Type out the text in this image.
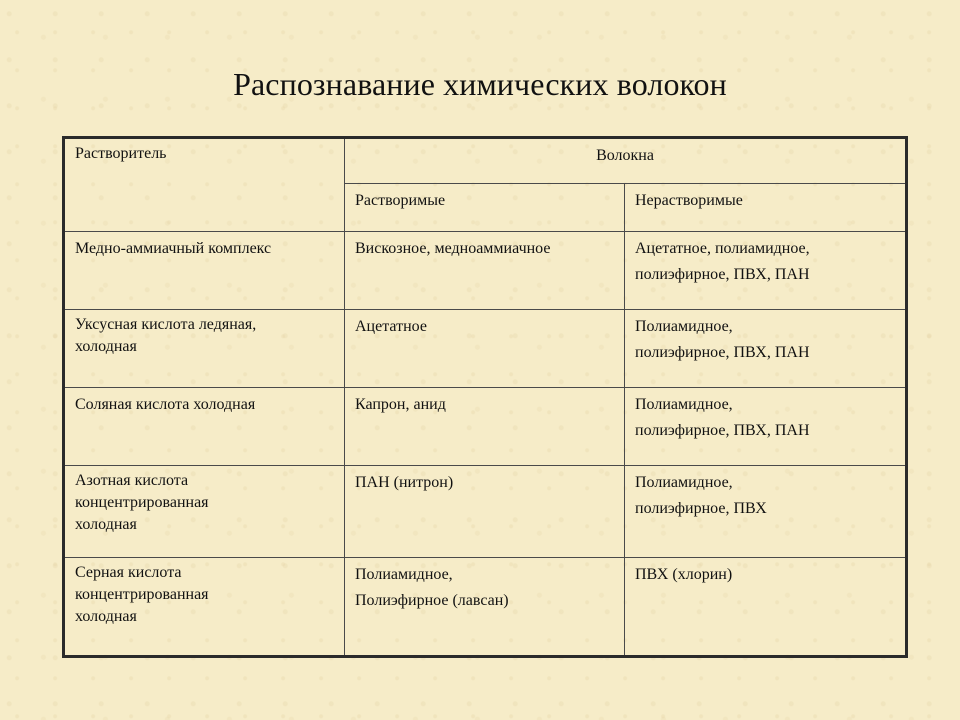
Распознавание химических волокон
Растворитель	Волокна	
	Растворимые	Нерастворимые

Медно-аммиачный комплекс	Вискозное, медноаммиачное	Ацетатное, полиамидное,
полиэфирное, ПВХ, ПАН

Уксусная кислота ледяная,
холодная	Ацетатное	Полиамидное,
полиэфирное, ПВХ, ПАН

Соляная кислота холодная	Капрон, анид	Полиамидное,
полиэфирное, ПВХ, ПАН

Азотная кислота
концентрированная
холодная	ПАН (нитрон)	Полиамидное,
полиэфирное, ПВХ

Серная кислота
концентрированная
холодная	Полиамидное,
Полиэфирное (лавсан)	ПВХ (хлорин)
